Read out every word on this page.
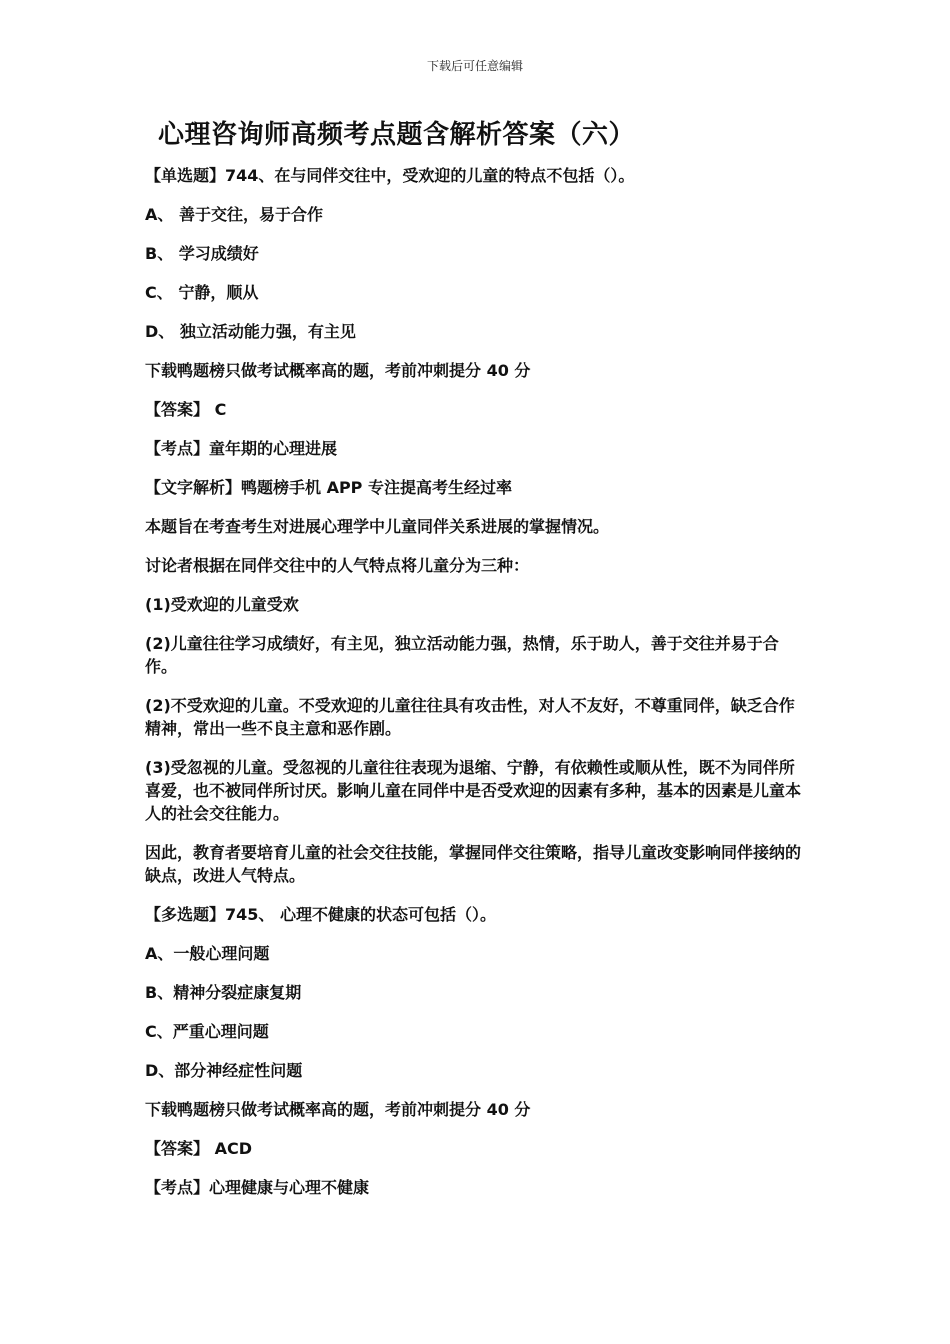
下载后可任意编辑
心理咨询师高频考点题含解析答案（六）

【单选题】744、在与同伴交往中，受欢迎的儿童的特点不包括（）。

A、 善于交往，易于合作

B、 学习成绩好

C、 宁静，顺从

D、 独立活动能力强，有主见

下载鸭题榜只做考试概率高的题，考前冲刺提分 40 分

【答案】 C

【考点】童年期的心理进展

【文字解析】鸭题榜手机 APP 专注提高考生经过率

本题旨在考查考生对进展心理学中儿童同伴关系进展的掌握情况。

讨论者根据在同伴交往中的人气特点将儿童分为三种：

(1)受欢迎的儿童受欢

(2)儿童往往学习成绩好，有主见，独立活动能力强，热情，乐于助人，善于交往并易于合作。

(2)不受欢迎的儿童。不受欢迎的儿童往往具有攻击性，对人不友好，不尊重同伴，缺乏合作精神，常出一些不良主意和恶作剧。

(3)受忽视的儿童。受忽视的儿童往往表现为退缩、宁静，有依赖性或顺从性，既不为同伴所喜爱，也不被同伴所讨厌。影响儿童在同伴中是否受欢迎的因素有多种，基本的因素是儿童本人的社会交往能力。

因此，教育者要培育儿童的社会交往技能，掌握同伴交往策略，指导儿童改变影响同伴接纳的缺点，改进人气特点。

【多选题】745、 心理不健康的状态可包括（）。

A、一般心理问题

B、精神分裂症康复期

C、严重心理问题

D、部分神经症性问题

下载鸭题榜只做考试概率高的题，考前冲刺提分 40 分

【答案】 ACD

【考点】心理健康与心理不健康
